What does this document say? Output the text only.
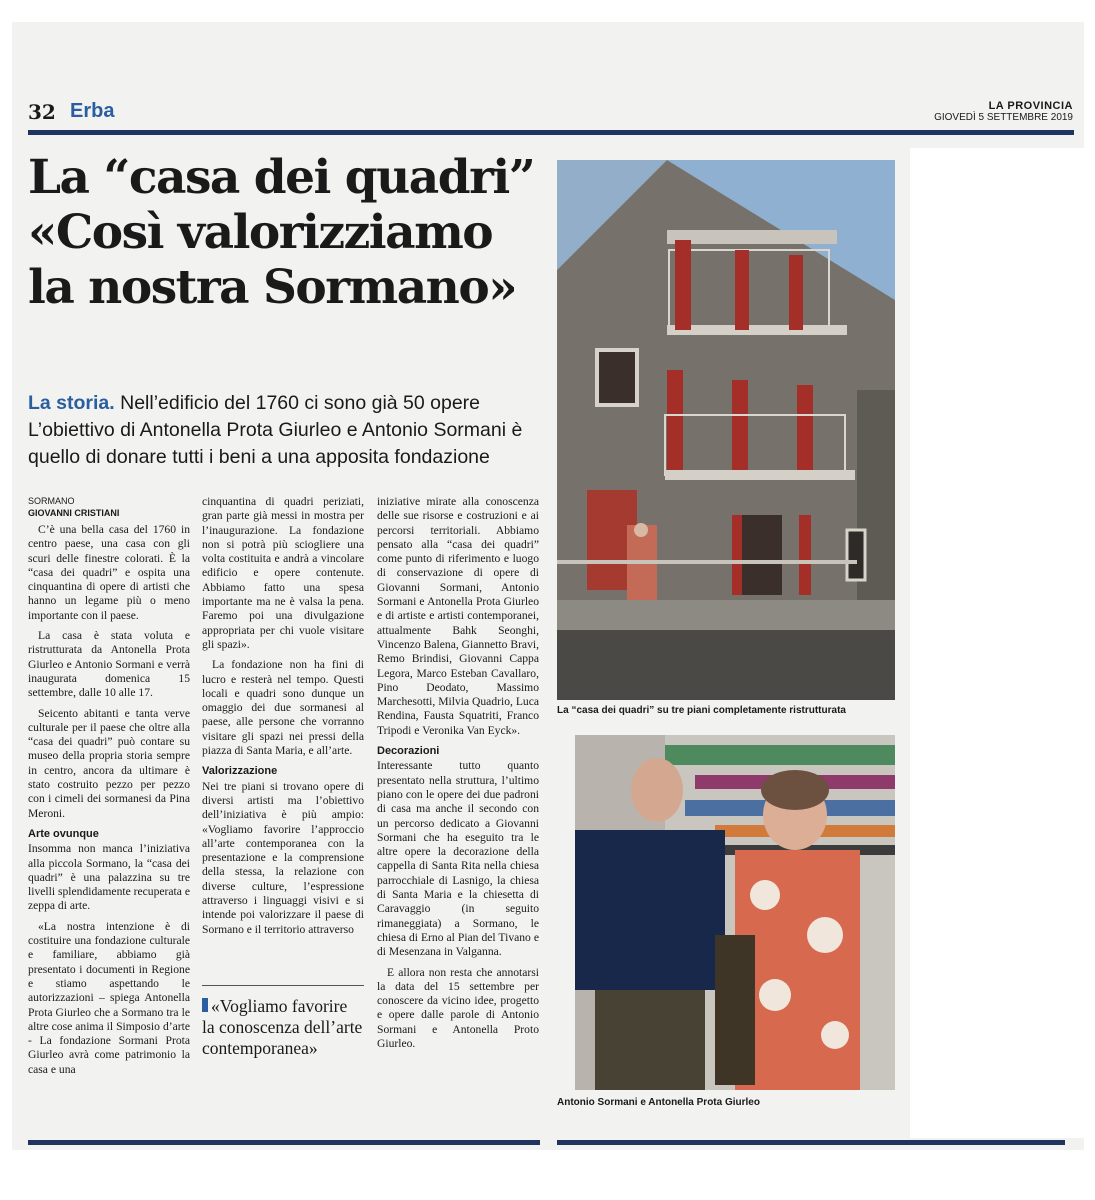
32 Erba	LA PROVINCIA
GIOVEDÌ 5 SETTEMBRE 2019
La “casa dei quadri”
«Così valorizziamo
la nostra Sormano»
La storia. Nell’edificio del 1760 ci sono già 50 opere L’obiettivo di Antonella Prota Giurleo e Antonio Sormani è quello di donare tutti i beni a una apposita fondazione
SORMANO
GIOVANNI CRISTIANI

C’è una bella casa del 1760 in centro paese, una casa con gli scuri delle finestre colorati. È la “casa dei quadri” e ospita una cinquantina di opere di artisti che hanno un legame più o meno importante con il paese.

La casa è stata voluta e ristrutturata da Antonella Prota Giurleo e Antonio Sormani e verrà inaugurata domenica 15 settembre, dalle 10 alle 17.

Seicento abitanti e tanta verve culturale per il paese che oltre alla “casa dei quadri” può contare su museo della propria storia sempre in centro, ancora da ultimare è stato costruito pezzo per pezzo con i cimeli dei sormanesi da Pina Meroni.

Arte ovunque

Insomma non manca l’iniziativa alla piccola Sormano, la “casa dei quadri” è una palazzina su tre livelli splendidamente recuperata e zeppa di arte.

«La nostra intenzione è di costituire una fondazione culturale e familiare, abbiamo già presentato i documenti in Regione e stiamo aspettando le autorizzazioni – spiega Antonella Prota Giurleo che a Sormano tra le altre cose anima il Simposio d’arte - La fondazione Sormani Prota Giurleo avrà come patrimonio la casa e una

cinquantina di quadri periziati, gran parte già messi in mostra per l’inaugurazione. La fondazione non si potrà più sciogliere una volta costituita e andrà a vincolare edificio e opere contenute. Abbiamo fatto una spesa importante ma ne è valsa la pena. Faremo poi una divulgazione appropriata per chi vuole visitare gli spazi».

La fondazione non ha fini di lucro e resterà nel tempo. Questi locali e quadri sono dunque un omaggio dei due sormanesi al paese, alle persone che vorranno visitare gli spazi nei pressi della piazza di Santa Maria, e all’arte.

Valorizzazione

Nei tre piani si trovano opere di diversi artisti ma l’obiettivo dell’iniziativa è più ampio: «Vogliamo favorire l’approccio all’arte contemporanea con la presentazione e la comprensione della stessa, la relazione con diverse culture, l’espressione attraverso i linguaggi visivi e si intende poi valorizzare il paese di Sormano e il territorio attraverso

«Vogliamo favorire la conoscenza dell’arte contemporanea»

iniziative mirate alla conoscenza delle sue risorse e costruzioni e ai percorsi territoriali. Abbiamo pensato alla “casa dei quadri” come punto di riferimento e luogo di conservazione di opere di Giovanni Sormani, Antonio Sormani e Antonella Prota Giurleo e di artiste e artisti contemporanei, attualmente Bahk Seonghi, Vincenzo Balena, Giannetto Bravi, Remo Brindisi, Giovanni Cappa Legora, Marco Esteban Cavallaro, Pino Deodato, Massimo Marchesotti, Milvia Quadrio, Luca Rendina, Fausta Squatriti, Franco Tripodi e Veronika Van Eyck».

Decorazioni

Interessante tutto quanto presentato nella struttura, l’ultimo piano con le opere dei due padroni di casa ma anche il secondo con un percorso dedicato a Giovanni Sormani che ha eseguito tra le altre opere la decorazione della cappella di Santa Rita nella chiesa parrocchiale di Lasnigo, la chiesa di Santa Maria e la chiesetta di Caravaggio (in seguito rimaneggiata) a Sormano, le chiesa di Erno al Pian del Tivano e di Mesenzana in Valganna.

E allora non resta che annotarsi la data del 15 settembre per conoscere da vicino idee, progetto e opere dalle parole di Antonio Sormani e Antonella Proto Giurleo.

La “casa dei quadri” su tre piani completamente ristrutturata
Antonio Sormani e Antonella Prota Giurleo
